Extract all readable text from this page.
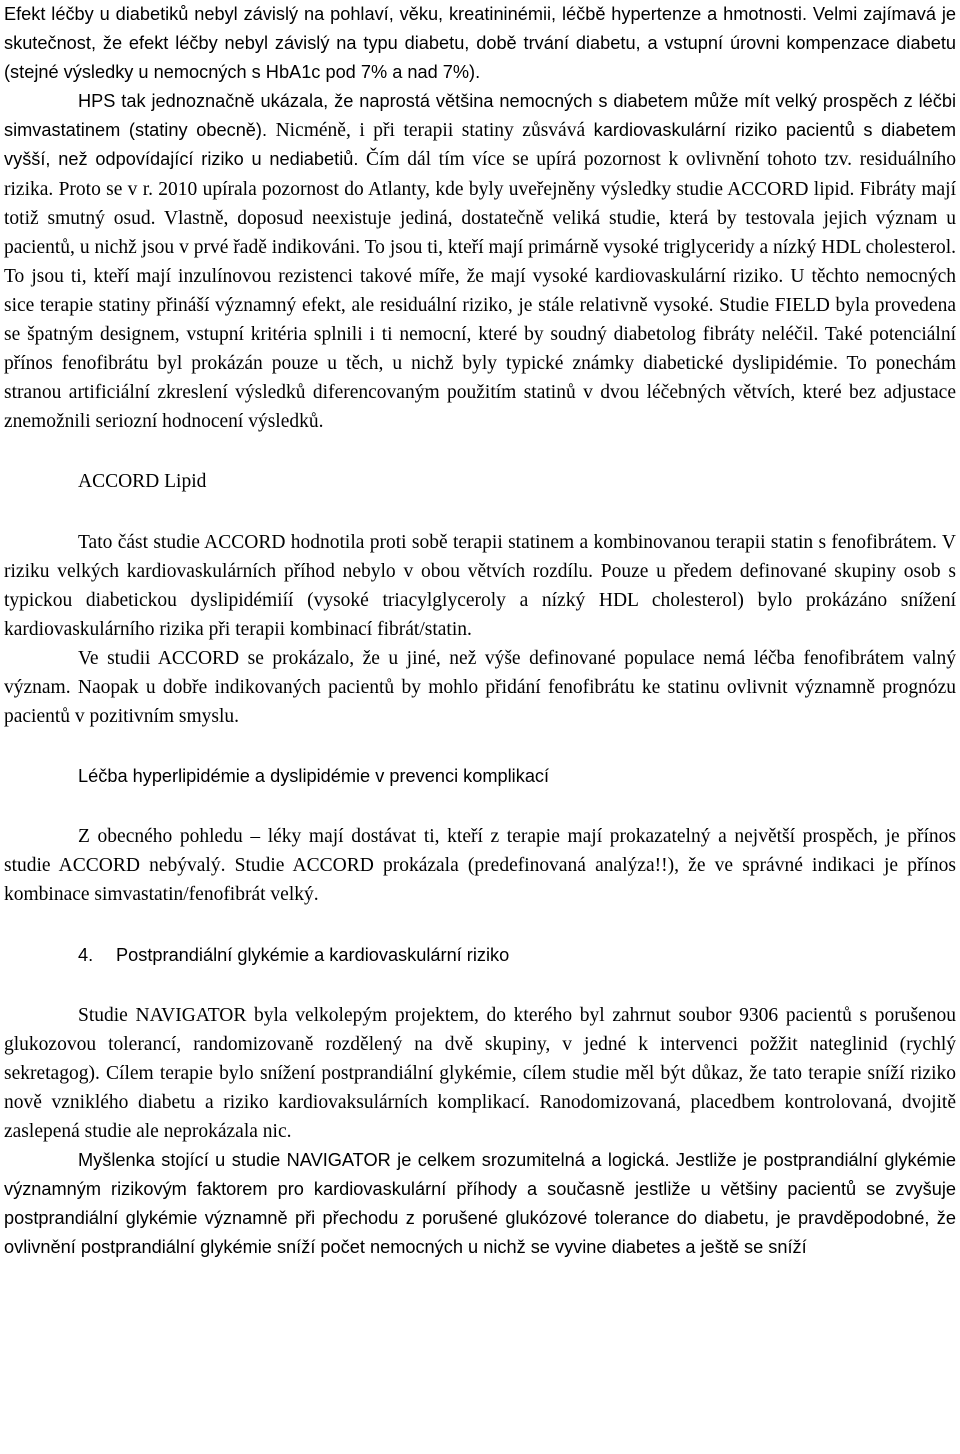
Efekt léčby u diabetiků nebyl závislý na pohlaví, věku, kreatininémii, léčbě hypertenze a hmotnosti. Velmi zajímavá je skutečnost, že efekt léčby nebyl závislý na typu diabetu, době trvání diabetu, a vstupní úrovni kompenzace diabetu (stejné výsledky u nemocných s HbA1c pod 7% a nad 7%).

HPS tak jednoznačně ukázala, že naprostá většina nemocných s diabetem může mít velký prospěch z léčbi simvastatinem (statiny obecně). Nicméně, i při terapii statiny zůsvává kardiovaskulární riziko pacientů s diabetem vyšší, než odpovídající riziko u nediabetiů. Čím dál tím více se upírá pozornost k ovlivnění tohoto tzv. residuálního rizika. Proto se v r. 2010 upírala pozornost do Atlanty, kde byly uveřejněny výsledky studie ACCORD lipid. Fibráty mají totiž smutný osud. Vlastně, doposud neexistuje jediná, dostatečně veliká studie, která by testovala jejich význam u pacientů, u nichž jsou v prvé řadě indikováni. To jsou ti, kteří mají primárně vysoké triglyceridy a nízký HDL cholesterol. To jsou ti, kteří mají inzulínovou rezistenci takové míře, že mají vysoké kardiovaskulární riziko. U těchto nemocných sice terapie statiny přináší významný efekt, ale residuální riziko, je stále relativně vysoké. Studie FIELD byla provedena se špatným designem, vstupní kritéria splnili i ti nemocní, které by soudný diabetolog fibráty neléčil. Také potenciální přínos fenofibrátu byl prokázán pouze u těch, u nichž byly typické známky diabetické dyslipidémie. To ponechám stranou artificiální zkreslení výsledků diferencovaným použitím statinů v dvou léčebných větvích, které bez adjustace znemožnili seriozní hodnocení výsledků.

ACCORD Lipid

Tato část studie ACCORD hodnotila proti sobě terapii statinem a kombinovanou terapii statin s fenofibrátem. V riziku velkých kardiovaskulárních příhod nebylo v obou větvích rozdílu. Pouze u předem definované skupiny osob s typickou diabetickou dyslipidémiíí (vysoké triacylglyceroly a nízký HDL cholesterol) bylo prokázáno snížení kardiovaskulárního rizika při terapii kombinací fibrát/statin.

Ve studii ACCORD se prokázalo, že u jiné, než výše definované populace nemá léčba fenofibrátem valný význam. Naopak u dobře indikovaných pacientů by mohlo přidání fenofibrátu ke statinu ovlivnit významně prognózu pacientů v pozitivním smyslu.

Léčba hyperlipidémie a dyslipidémie v prevenci komplikací

Z obecného pohledu – léky mají dostávat ti, kteří z terapie mají prokazatelný a největší prospěch, je přínos studie ACCORD nebývalý. Studie ACCORD prokázala (predefinovaná analýza!!), že ve správné indikaci je přínos kombinace simvastatin/fenofibrát velký.

4. Postprandiální glykémie a kardiovaskulární riziko

Studie NAVIGATOR byla velkolepým projektem, do kterého byl zahrnut soubor 9306 pacientů s porušenou glukozovou tolerancí, randomizovaně rozdělený na dvě skupiny, v jedné k intervenci požžit nateglinid (rychlý sekretagog). Cílem terapie bylo snížení postprandiální glykémie, cílem studie měl být důkaz, že tato terapie sníží riziko nově vzniklého diabetu a riziko kardiovaksulárních komplikací. Ranodomizovaná, placedbem kontrolovaná, dvojitě zaslepená studie ale neprokázala nic.

Myšlenka stojící u studie NAVIGATOR je celkem srozumitelná a logická. Jestliže je postprandiální glykémie významným rizikovým faktorem pro kardiovaskulární příhody a současně jestliže u většiny pacientů se zvyšuje postprandiální glykémie významně při přechodu z porušené glukózové tolerance do diabetu, je pravděpodobné, že ovlivnění postprandiální glykémie sníží počet nemocných u nichž se vyvine diabetes a ještě se sníží
